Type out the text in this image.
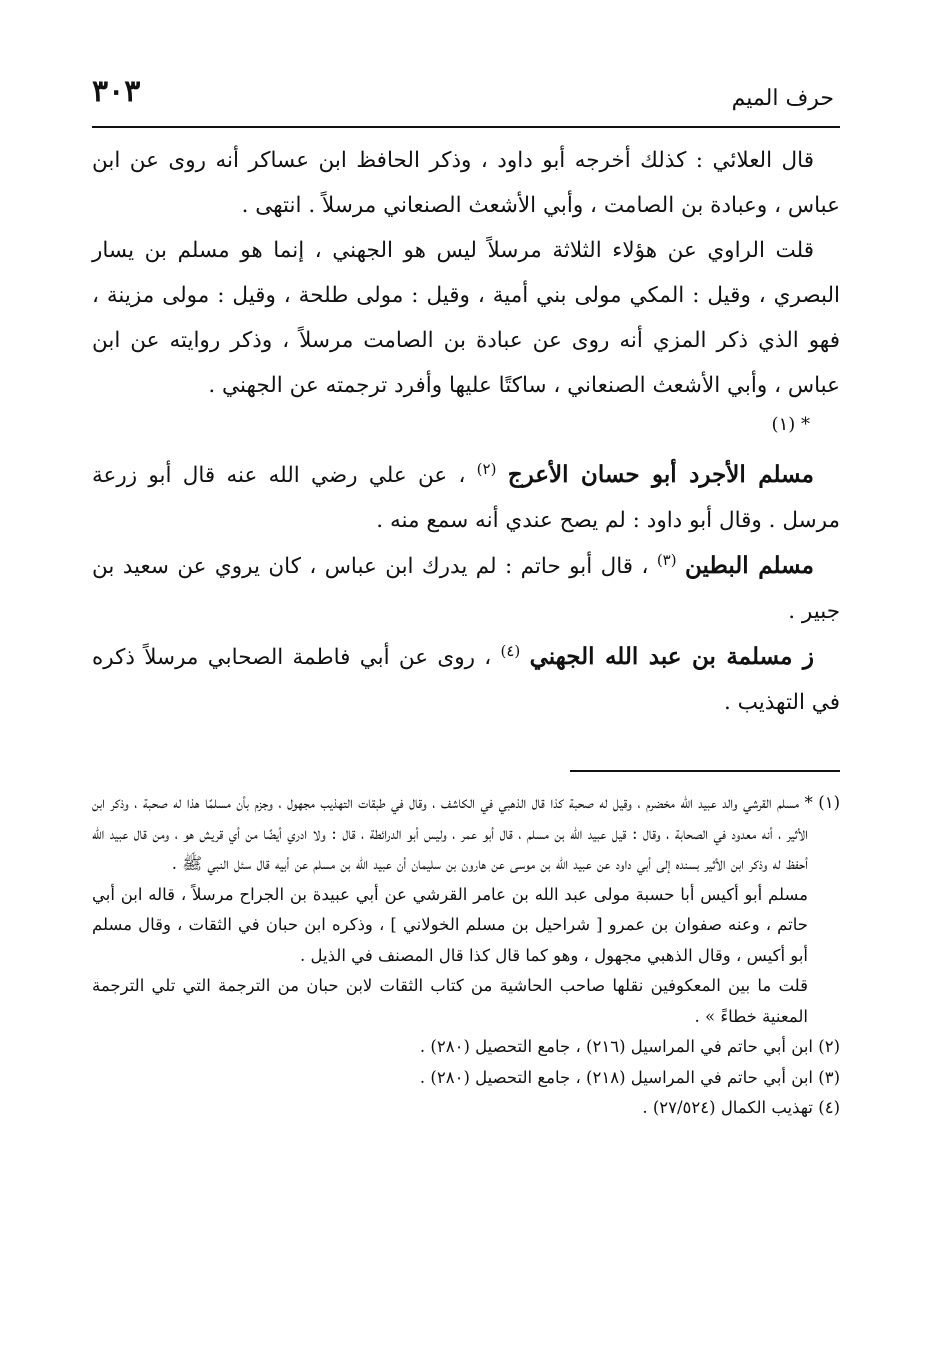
٣٠٣	حرف الميم

قال العلائي : كذلك أخرجه أبو داود ، وذكر الحافظ ابن عساكر أنه روى عن ابن عباس ، وعبادة بن الصامت ، وأبي الأشعث الصنعاني مرسلاً . انتهى .

قلت الراوي عن هؤلاء الثلاثة مرسلاً ليس هو الجهني ، إنما هو مسلم بن يسار البصري ، وقيل : المكي مولى بني أمية ، وقيل : مولى طلحة ، وقيل : مولى مزينة ، فهو الذي ذكر المزي أنه روى عن عبادة بن الصامت مرسلاً ، وذكر روايته عن ابن عباس ، وأبي الأشعث الصنعاني ، ساكتًا عليها وأفرد ترجمته عن الجهني .

* (١)

مسلم الأجرد أبو حسان الأعرج $^{(٢)}$ ، عن علي رضي الله عنه قال أبو زرعة مرسل . وقال أبو داود : لم يصح عندي أنه سمع منه .

مسلم البطين $^{(٣)}$ ، قال أبو حاتم : لم يدرك ابن عباس ، كان يروي عن سعيد بن جبير .

ز مسلمة بن عبد الله الجهني $^{(٤)}$ ، روى عن أبي فاطمة الصحابي مرسلاً ذكره في التهذيب .

(١) * مسلم القرشي والد عبيد الله مخضرم ، وقيل له صحبة كذا قال الذهبي في الكاشف ، وقال في طبقات التهذيب مجهول ، وجزم بأن مسلمًا هذا له صحبة ، وذكر ابن الأثير ، أنه معدود في الصحابة ، وقال : قيل عبيد الله بن مسلم ، قال أبو عمر ، وليس أبو الدرائطة ، قال : ولا ادري أيضًا من أي قريش هو ، ومن قال عبيد الله أحفظ له وذكر ابن الأثير بسنده إلى أبي داود عن عبيد الله بن موسى عن هارون بن سليمان أن عبيد الله بن مسلم عن أبيه قال سئل النبي ﷺ .

مسلم أبو أكيس أبا حسبة مولى عبد الله بن عامر القرشي عن أبي عبيدة بن الجراح مرسلاً ، قاله ابن أبي حاتم ، وعنه صفوان بن عمرو [ شراحيل بن مسلم الخولاني ] ، وذكره ابن حبان في الثقات ، وقال مسلم أبو أكيس ، وقال الذهبي مجهول ، وهو كما قال كذا قال المصنف في الذيل .

قلت ما بين المعكوفين نقلها صاحب الحاشية من كتاب الثقات لابن حبان من الترجمة التي تلي الترجمة المعنية خطاءً » .

(٢) ابن أبي حاتم في المراسيل (٢١٦) ، جامع التحصيل (٢٨٠) .

(٣) ابن أبي حاتم في المراسيل (٢١٨) ، جامع التحصيل (٢٨٠) .

(٤) تهذيب الكمال (٢٧/٥٢٤) .
